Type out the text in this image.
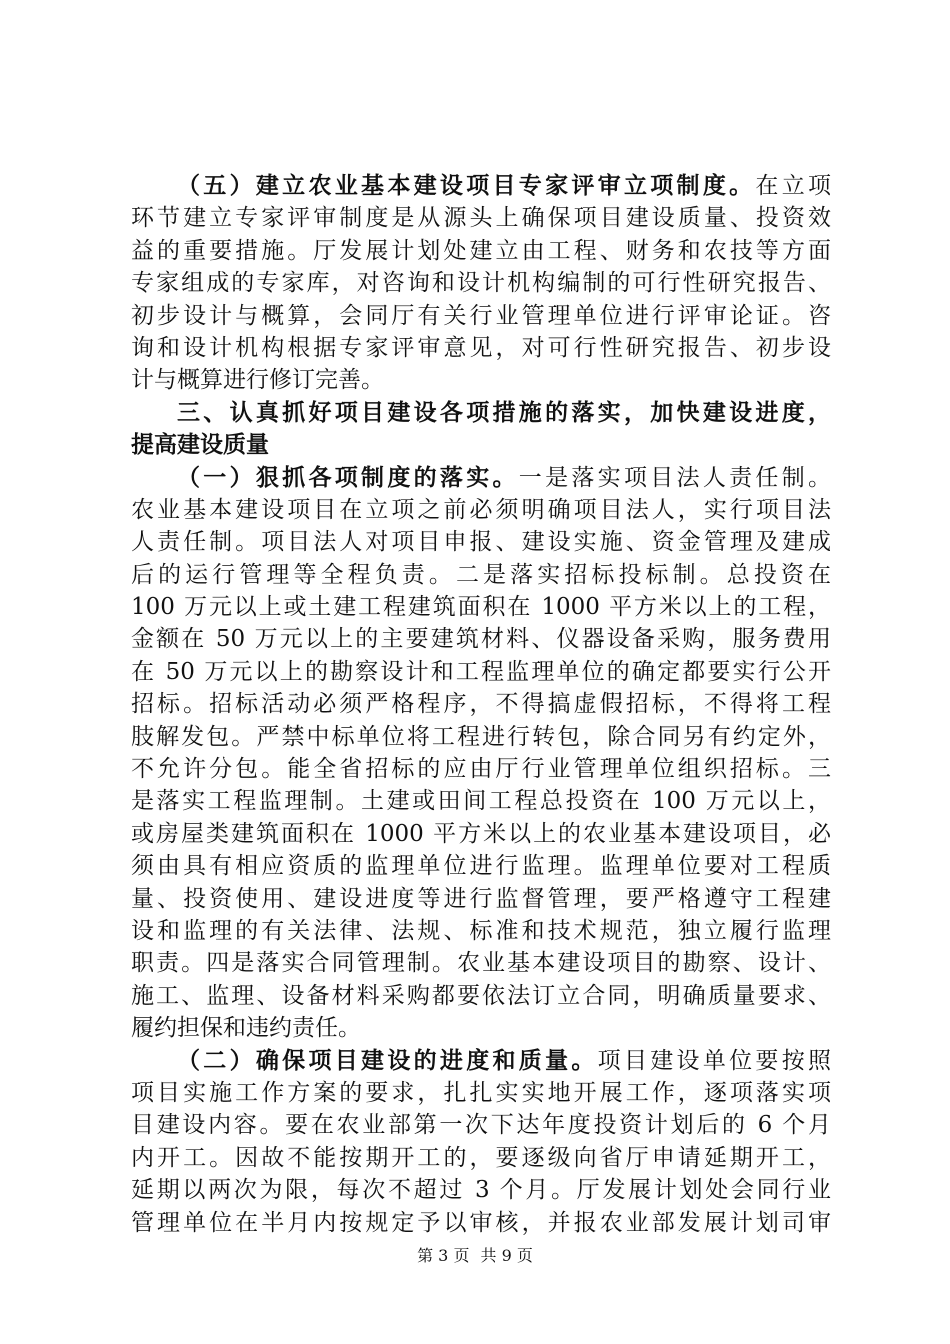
（五）建立农业基本建设项目专家评审立项制度。在立项
环节建立专家评审制度是从源头上确保项目建设质量、投资效
益的重要措施。厅发展计划处建立由工程、财务和农技等方面
专家组成的专家库，对咨询和设计机构编制的可行性研究报告、
初步设计与概算，会同厅有关行业管理单位进行评审论证。咨
询和设计机构根据专家评审意见，对可行性研究报告、初步设
计与概算进行修订完善。
三、认真抓好项目建设各项措施的落实，加快建设进度，
提高建设质量
（一）狠抓各项制度的落实。一是落实项目法人责任制。
农业基本建设项目在立项之前必须明确项目法人，实行项目法
人责任制。项目法人对项目申报、建设实施、资金管理及建成
后的运行管理等全程负责。二是落实招标投标制。总投资在
100 万元以上或土建工程建筑面积在 1000 平方米以上的工程，
金额在 50 万元以上的主要建筑材料、仪器设备采购，服务费用
在 50 万元以上的勘察设计和工程监理单位的确定都要实行公开
招标。招标活动必须严格程序，不得搞虚假招标，不得将工程
肢解发包。严禁中标单位将工程进行转包，除合同另有约定外，
不允许分包。能全省招标的应由厅行业管理单位组织招标。三
是落实工程监理制。土建或田间工程总投资在 100 万元以上，
或房屋类建筑面积在 1000 平方米以上的农业基本建设项目，必
须由具有相应资质的监理单位进行监理。监理单位要对工程质
量、投资使用、建设进度等进行监督管理，要严格遵守工程建
设和监理的有关法律、法规、标准和技术规范，独立履行监理
职责。四是落实合同管理制。农业基本建设项目的勘察、设计、
施工、监理、设备材料采购都要依法订立合同，明确质量要求、
履约担保和违约责任。
（二）确保项目建设的进度和质量。项目建设单位要按照
项目实施工作方案的要求，扎扎实实地开展工作，逐项落实项
目建设内容。要在农业部第一次下达年度投资计划后的 6 个月
内开工。因故不能按期开工的，要逐级向省厅申请延期开工，
延期以两次为限，每次不超过 3 个月。厅发展计划处会同行业
管理单位在半月内按规定予以审核，并报农业部发展计划司审
第 3 页 共 9 页
